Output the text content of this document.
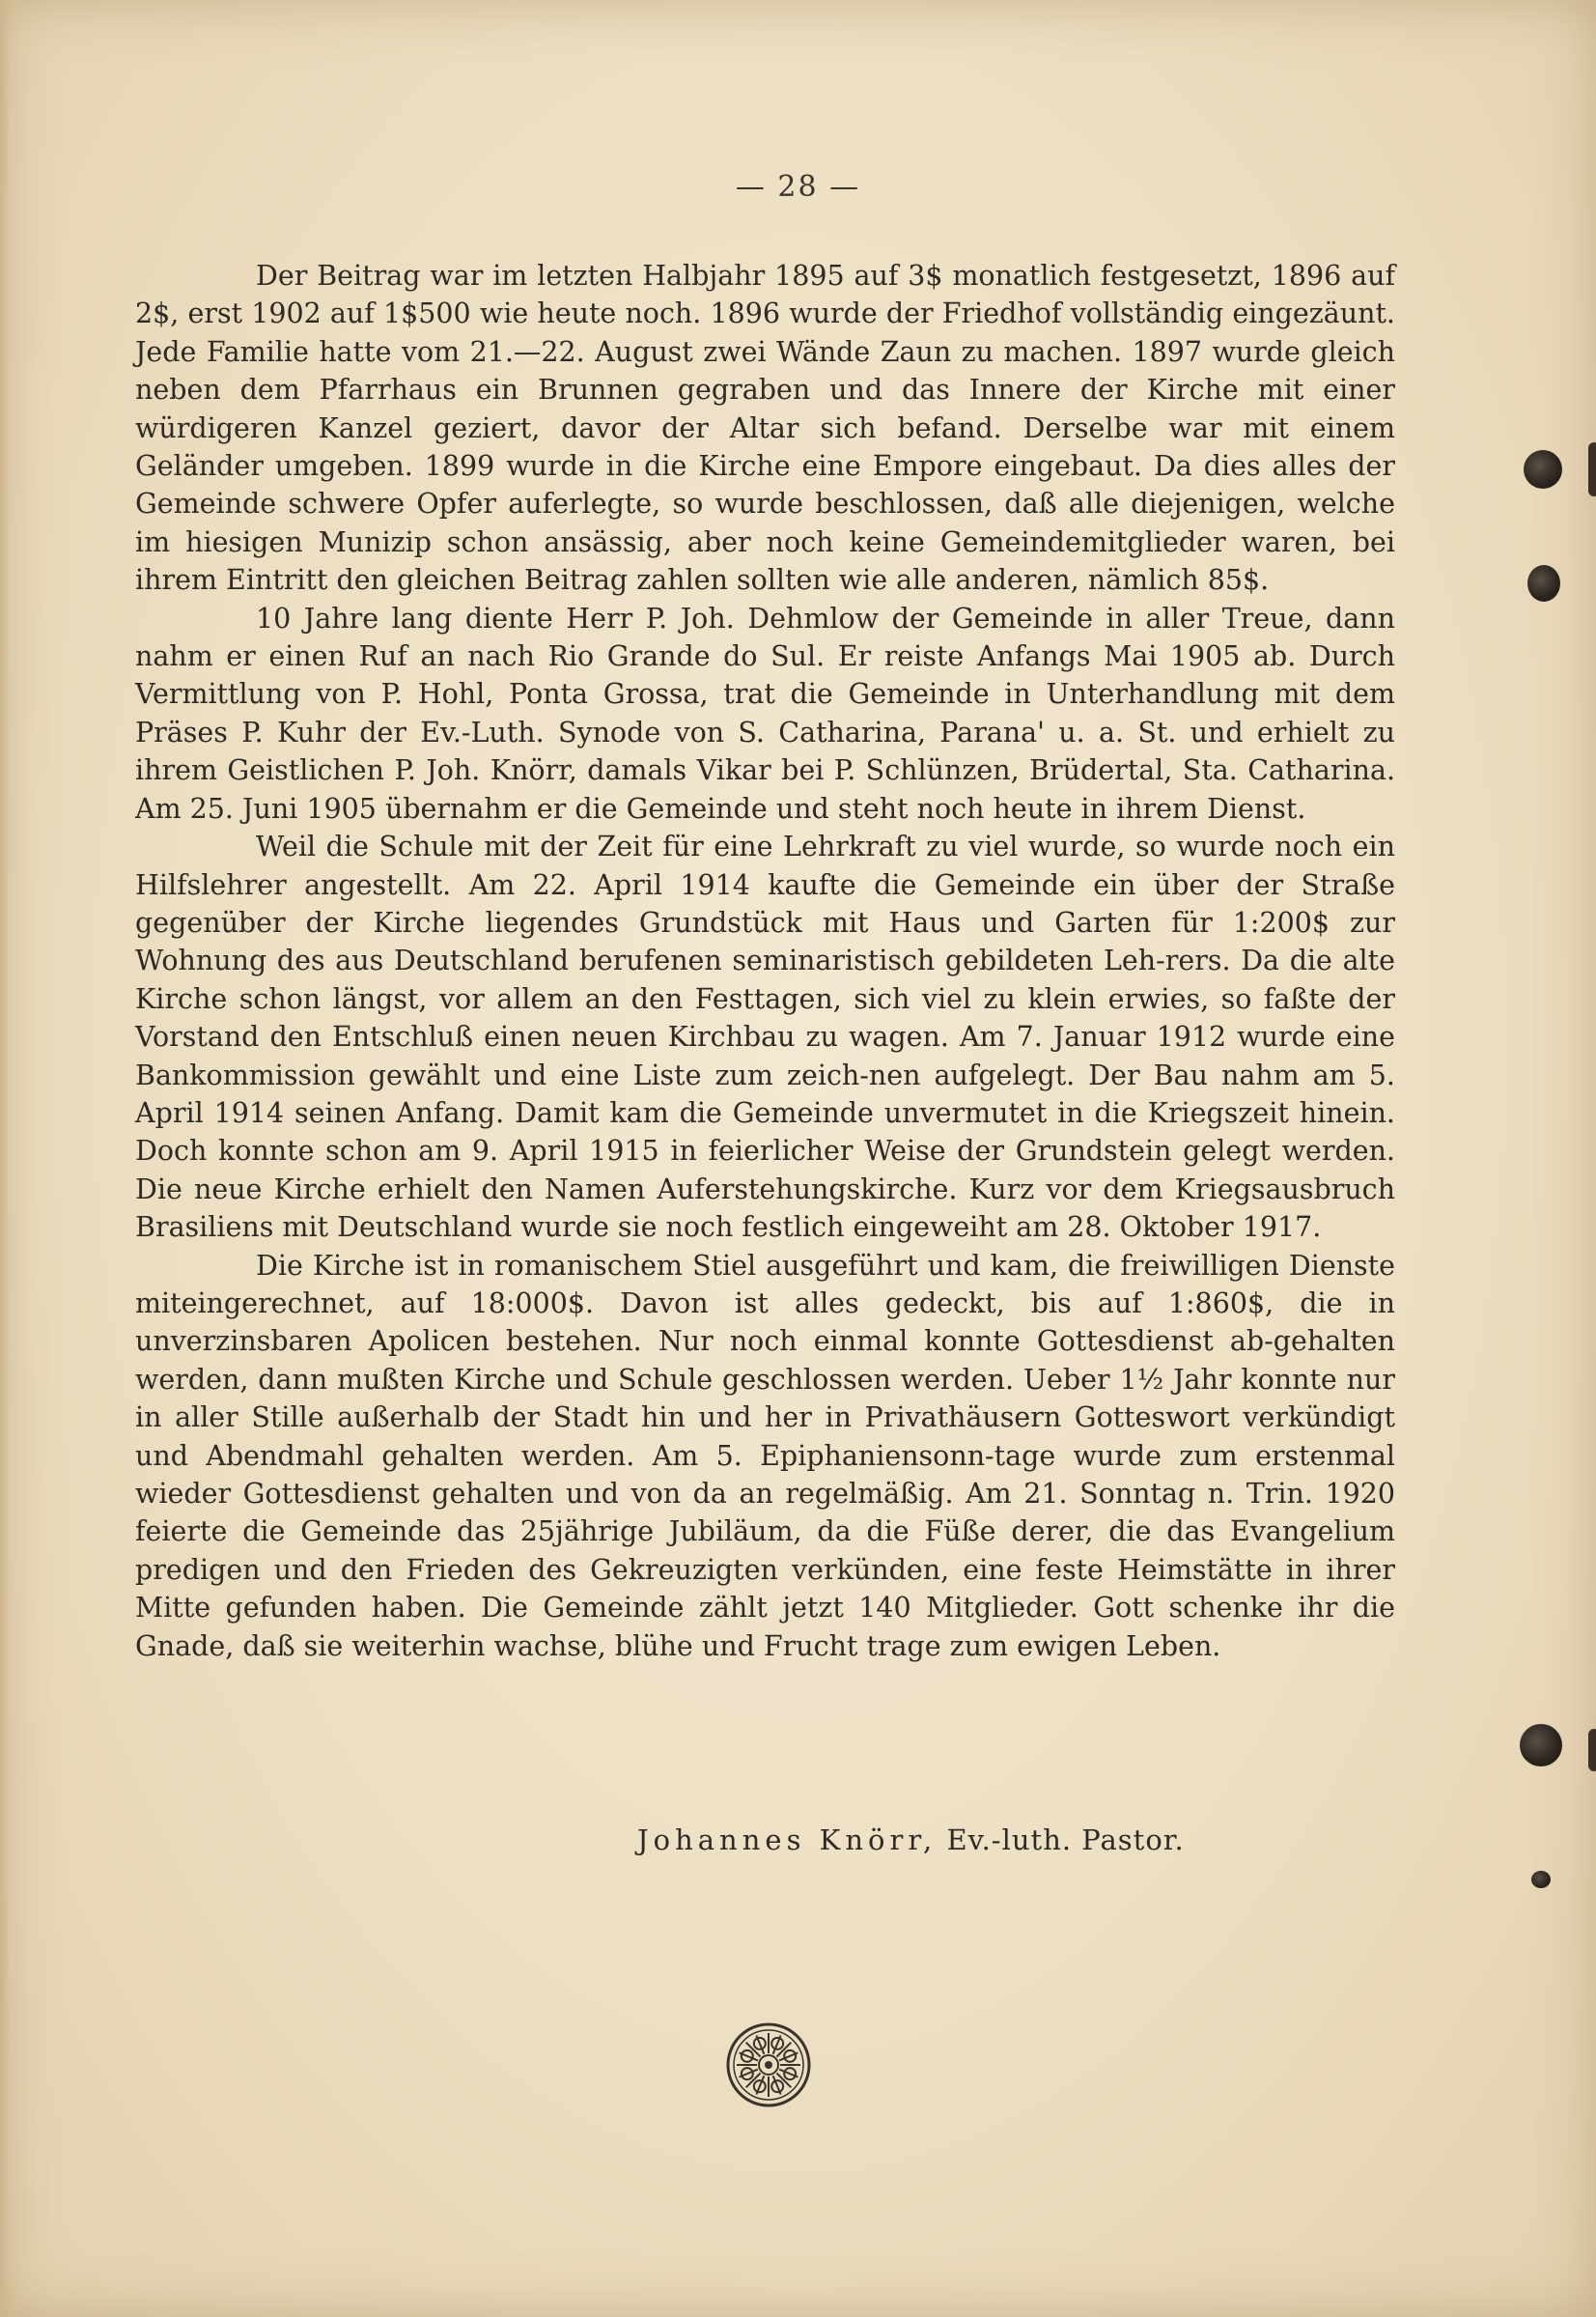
— 28 —

Der Beitrag war im letzten Halbjahr 1895 auf 3$ monatlich festgesetzt, 1896 auf 2$, erst 1902 auf 1$500 wie heute noch. 1896 wurde der Friedhof vollständig eingezäunt. Jede Familie hatte vom 21.—22. August zwei Wände Zaun zu machen. 1897 wurde gleich neben dem Pfarrhaus ein Brunnen gegraben und das Innere der Kirche mit einer würdigeren Kanzel geziert, davor der Altar sich befand. Derselbe war mit einem Geländer umgeben. 1899 wurde in die Kirche eine Empore eingebaut. Da dies alles der Gemeinde schwere Opfer auferlegte, so wurde beschlossen, daß alle diejenigen, welche im hiesigen Munizip schon ansässig, aber noch keine Gemeindemitglieder waren, bei ihrem Eintritt den gleichen Beitrag zahlen sollten wie alle anderen, nämlich 85$.

10 Jahre lang diente Herr P. Joh. Dehmlow der Gemeinde in aller Treue, dann nahm er einen Ruf an nach Rio Grande do Sul. Er reiste Anfangs Mai 1905 ab. Durch Vermittlung von P. Hohl, Ponta Grossa, trat die Gemeinde in Unterhandlung mit dem Präses P. Kuhr der Ev.-Luth. Synode von S. Catharina, Parana' u. a. St. und erhielt zu ihrem Geistlichen P. Joh. Knörr, damals Vikar bei P. Schlünzen, Brüdertal, Sta. Catharina. Am 25. Juni 1905 übernahm er die Gemeinde und steht noch heute in ihrem Dienst.

Weil die Schule mit der Zeit für eine Lehrkraft zu viel wurde, so wurde noch ein Hilfslehrer angestellt. Am 22. April 1914 kaufte die Gemeinde ein über der Straße gegenüber der Kirche liegendes Grundstück mit Haus und Garten für 1:200$ zur Wohnung des aus Deutschland berufenen seminaristisch gebildeten Leh-rers. Da die alte Kirche schon längst, vor allem an den Festtagen, sich viel zu klein erwies, so faßte der Vorstand den Entschluß einen neuen Kirchbau zu wagen. Am 7. Januar 1912 wurde eine Bankommission gewählt und eine Liste zum zeich-nen aufgelegt. Der Bau nahm am 5. April 1914 seinen Anfang. Damit kam die Gemeinde unvermutet in die Kriegszeit hinein. Doch konnte schon am 9. April 1915 in feierlicher Weise der Grundstein gelegt werden. Die neue Kirche erhielt den Namen Auferstehungskirche. Kurz vor dem Kriegsausbruch Brasiliens mit Deutschland wurde sie noch festlich eingeweiht am 28. Oktober 1917.

Die Kirche ist in romanischem Stiel ausgeführt und kam, die freiwilligen Dienste miteingerechnet, auf 18:000$. Davon ist alles gedeckt, bis auf 1:860$, die in unverzinsbaren Apolicen bestehen. Nur noch einmal konnte Gottesdienst ab-gehalten werden, dann mußten Kirche und Schule geschlossen werden. Ueber 1½ Jahr konnte nur in aller Stille außerhalb der Stadt hin und her in Privathäusern Gotteswort verkündigt und Abendmahl gehalten werden. Am 5. Epiphaniensonn-tage wurde zum erstenmal wieder Gottesdienst gehalten und von da an regelmäßig. Am 21. Sonntag n. Trin. 1920 feierte die Gemeinde das 25jährige Jubiläum, da die Füße derer, die das Evangelium predigen und den Frieden des Gekreuzigten verkünden, eine feste Heimstätte in ihrer Mitte gefunden haben. Die Gemeinde zählt jetzt 140 Mitglieder. Gott schenke ihr die Gnade, daß sie weiterhin wachse, blühe und Frucht trage zum ewigen Leben.

Johannes Knörr, Ev.-luth. Pastor.
